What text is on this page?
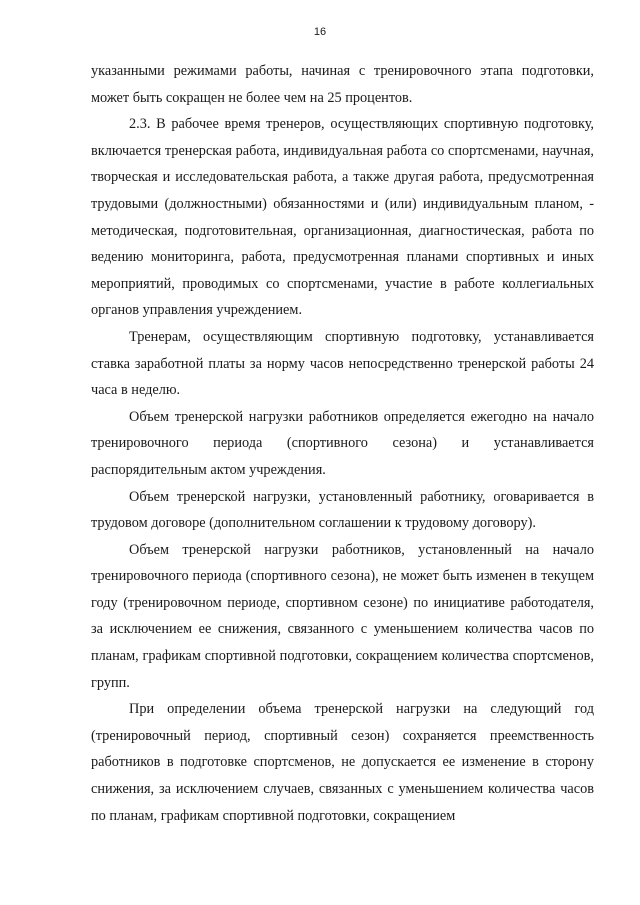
16

указанными режимами работы, начиная с тренировочного этапа подготовки, может быть сокращен не более чем на 25 процентов.

2.3. В рабочее время тренеров, осуществляющих спортивную подготовку, включается тренерская работа, индивидуальная работа со спортсменами, научная, творческая и исследовательская работа, а также другая работа, предусмотренная трудовыми (должностными) обязанностями и (или) индивидуальным планом, - методическая, подготовительная, организационная, диагностическая, работа по ведению мониторинга, работа, предусмотренная планами спортивных и иных мероприятий, проводимых со спортсменами, участие в работе коллегиальных органов управления учреждением.

Тренерам, осуществляющим спортивную подготовку, устанавливается ставка заработной платы за норму часов непосредственно тренерской работы 24 часа в неделю.

Объем тренерской нагрузки работников определяется ежегодно на начало тренировочного периода (спортивного сезона) и устанавливается распорядительным актом учреждения.

Объем тренерской нагрузки, установленный работнику, оговаривается в трудовом договоре (дополнительном соглашении к трудовому договору).

Объем тренерской нагрузки работников, установленный на начало тренировочного периода (спортивного сезона), не может быть изменен в текущем году (тренировочном периоде, спортивном сезоне) по инициативе работодателя, за исключением ее снижения, связанного с уменьшением количества часов по планам, графикам спортивной подготовки, сокращением количества спортсменов, групп.

При определении объема тренерской нагрузки на следующий год (тренировочный период, спортивный сезон) сохраняется преемственность работников в подготовке спортсменов, не допускается ее изменение в сторону снижения, за исключением случаев, связанных с уменьшением количества часов по планам, графикам спортивной подготовки, сокращением
